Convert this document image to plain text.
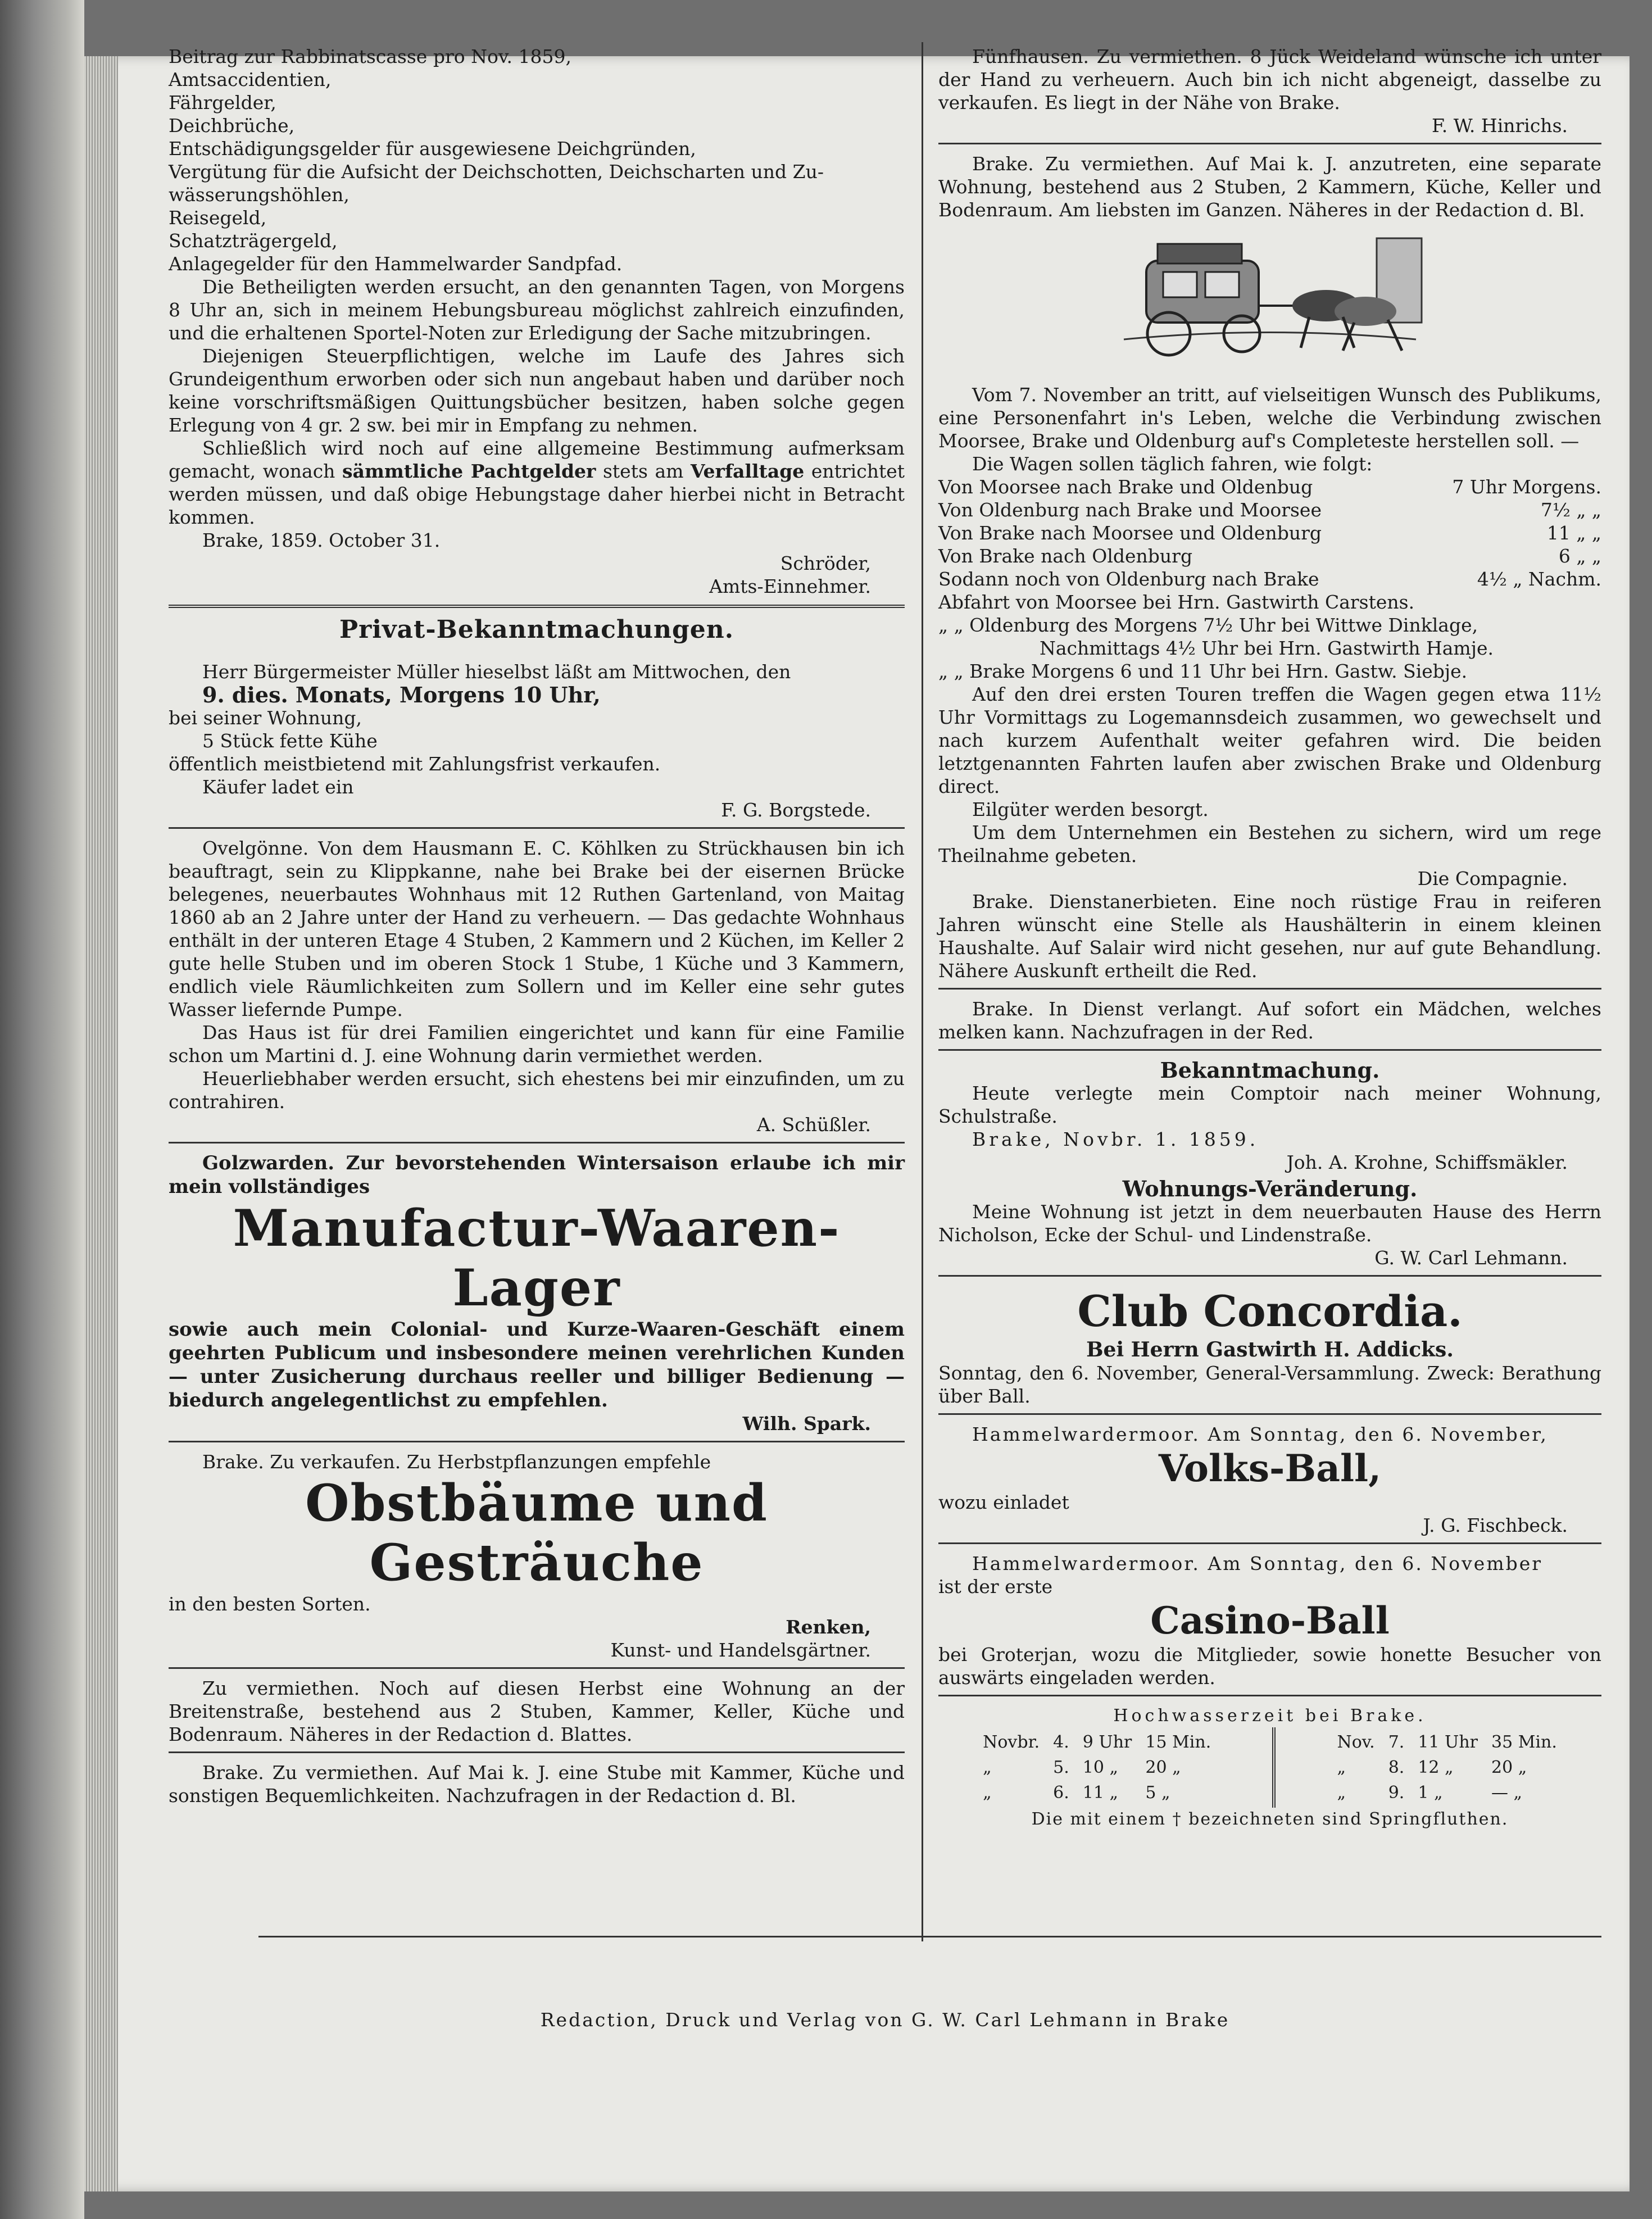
Beitrag zur Rabbinatscasse pro Nov. 1859,
Amtsaccidentien,
Fährgelder,
Deichbrüche,
Entschädigungsgelder für ausgewiesene Deichgründen,
Vergütung für die Aufsicht der Deichschotten, Deichscharten und Zu-
wässerungshöhlen,
Reisegeld,
Schatzträgergeld,
Anlagegelder für den Hammelwarder Sandpfad.

Die Betheiligten werden ersucht, an den genannten Tagen, von Morgens 8 Uhr an, sich in meinem Hebungsbureau möglichst zahlreich einzufinden, und die erhaltenen Sportel-Noten zur Erledigung der Sache mitzubringen.

Diejenigen Steuerpflichtigen, welche im Laufe des Jahres sich Grundeigenthum erworben oder sich nun angebaut haben und darüber noch keine vorschriftsmäßigen Quittungsbücher besitzen, haben solche gegen Erlegung von 4 gr. 2 sw. bei mir in Empfang zu nehmen.

Schließlich wird noch auf eine allgemeine Bestimmung aufmerksam gemacht, wonach sämmtliche Pachtgelder stets am Verfalltage entrichtet werden müssen, und daß obige Hebungstage daher hierbei nicht in Betracht kommen.

Brake, 1859. October 31.

Schröder,

Amts-Einnehmer.

Privat-Bekanntmachungen.

Herr Bürgermeister Müller hieselbst läßt am Mittwochen, den

9. dies. Monats, Morgens 10 Uhr,

bei seiner Wohnung,

5 Stück fette Kühe

öffentlich meistbietend mit Zahlungsfrist verkaufen.

Käufer ladet ein

F. G. Borgstede.

Ovelgönne. Von dem Hausmann E. C. Köhlken zu Strückhausen bin ich beauftragt, sein zu Klippkanne, nahe bei Brake bei der eisernen Brücke belegenes, neuerbautes Wohnhaus mit 12 Ruthen Gartenland, von Maitag 1860 ab an 2 Jahre unter der Hand zu verheuern. — Das gedachte Wohnhaus enthält in der unteren Etage 4 Stuben, 2 Kammern und 2 Küchen, im Keller 2 gute helle Stuben und im oberen Stock 1 Stube, 1 Küche und 3 Kammern, endlich viele Räumlichkeiten zum Sollern und im Keller eine sehr gutes Wasser liefernde Pumpe.

Das Haus ist für drei Familien eingerichtet und kann für eine Familie schon um Martini d. J. eine Wohnung darin vermiethet werden.

Heuerliebhaber werden ersucht, sich ehestens bei mir einzufinden, um zu contrahiren.

A. Schüßler.

Golzwarden. Zur bevorstehenden Wintersaison erlaube ich mir mein vollständiges

Manufactur-Waaren-Lager

sowie auch mein Colonial- und Kurze-Waaren-Geschäft einem geehrten Publicum und insbesondere meinen verehrlichen Kunden — unter Zusicherung durchaus reeller und billiger Bedienung — biedurch angelegentlichst zu empfehlen.

Wilh. Spark.

Brake. Zu verkaufen. Zu Herbstpflanzungen empfehle

Obstbäume und Gesträuche

in den besten Sorten.

Renken,

Kunst- und Handelsgärtner.

Zu vermiethen. Noch auf diesen Herbst eine Wohnung an der Breitenstraße, bestehend aus 2 Stuben, Kammer, Keller, Küche und Bodenraum. Näheres in der Redaction d. Blattes.

Brake. Zu vermiethen. Auf Mai k. J. eine Stube mit Kammer, Küche und sonstigen Bequemlichkeiten. Nachzufragen in der Redaction d. Bl.

Fünfhausen. Zu vermiethen. 8 Jück Weideland wünsche ich unter der Hand zu verheuern. Auch bin ich nicht abgeneigt, dasselbe zu verkaufen. Es liegt in der Nähe von Brake.

F. W. Hinrichs.

Brake. Zu vermiethen. Auf Mai k. J. anzutreten, eine separate Wohnung, bestehend aus 2 Stuben, 2 Kammern, Küche, Keller und Bodenraum. Am liebsten im Ganzen. Näheres in der Redaction d. Bl.

Vom 7. November an tritt, auf vielseitigen Wunsch des Publikums, eine Personenfahrt in's Leben, welche die Verbindung zwischen Moorsee, Brake und Oldenburg auf's Completeste herstellen soll. —

Die Wagen sollen täglich fahren, wie folgt:

Von Moorsee nach Brake und Oldenbug	7 Uhr Morgens.
Von Oldenburg nach Brake und Moorsee	7½ „ „
Von Brake nach Moorsee und Oldenburg	11 „ „
Von Brake nach Oldenburg	6 „ „
Sodann noch von Oldenburg nach Brake	4½ „ Nachm.

Abfahrt von Moorsee bei Hrn. Gastwirth Carstens.

„ „ Oldenburg des Morgens 7½ Uhr bei Wittwe Dinklage,

Nachmittags 4½ Uhr bei Hrn. Gastwirth Hamje.

„ „ Brake Morgens 6 und 11 Uhr bei Hrn. Gastw. Siebje.

Auf den drei ersten Touren treffen die Wagen gegen etwa 11½ Uhr Vormittags zu Logemannsdeich zusammen, wo gewechselt und nach kurzem Aufenthalt weiter gefahren wird. Die beiden letztgenannten Fahrten laufen aber zwischen Brake und Oldenburg direct.

Eilgüter werden besorgt.

Um dem Unternehmen ein Bestehen zu sichern, wird um rege Theilnahme gebeten.

Die Compagnie.

Brake. Dienstanerbieten. Eine noch rüstige Frau in reiferen Jahren wünscht eine Stelle als Haushälterin in einem kleinen Haushalte. Auf Salair wird nicht gesehen, nur auf gute Behandlung. Nähere Auskunft ertheilt die Red.

Brake. In Dienst verlangt. Auf sofort ein Mädchen, welches melken kann. Nachzufragen in der Red.

Bekanntmachung.

Heute verlegte mein Comptoir nach meiner Wohnung, Schulstraße.

Brake, Novbr. 1. 1859.

Joh. A. Krohne, Schiffsmäkler.

Wohnungs-Veränderung.

Meine Wohnung ist jetzt in dem neuerbauten Hause des Herrn Nicholson, Ecke der Schul- und Lindenstraße.

G. W. Carl Lehmann.

Club Concordia.

Bei Herrn Gastwirth H. Addicks.

Sonntag, den 6. November, General-Versammlung. Zweck: Berathung über Ball.

Hammelwardermoor. Am Sonntag, den 6. November,

Volks-Ball,

wozu einladet

J. G. Fischbeck.

Hammelwardermoor. Am Sonntag, den 6. November

ist der erste

Casino-Ball

bei Groterjan, wozu die Mitglieder, sowie honette Besucher von auswärts eingeladen werden.

Hochwasserzeit bei Brake.

Novbr.	4.	9 Uhr	15 Min.
„	5.	10 „	20 „
„	6.	11 „	5 „
Nov.	7.	11 Uhr	35 Min.
„	8.	12 „	20 „
„	9.	1 „	— „

Die mit einem † bezeichneten sind Springfluthen.

Redaction, Druck und Verlag von G. W. Carl Lehmann in Brake
